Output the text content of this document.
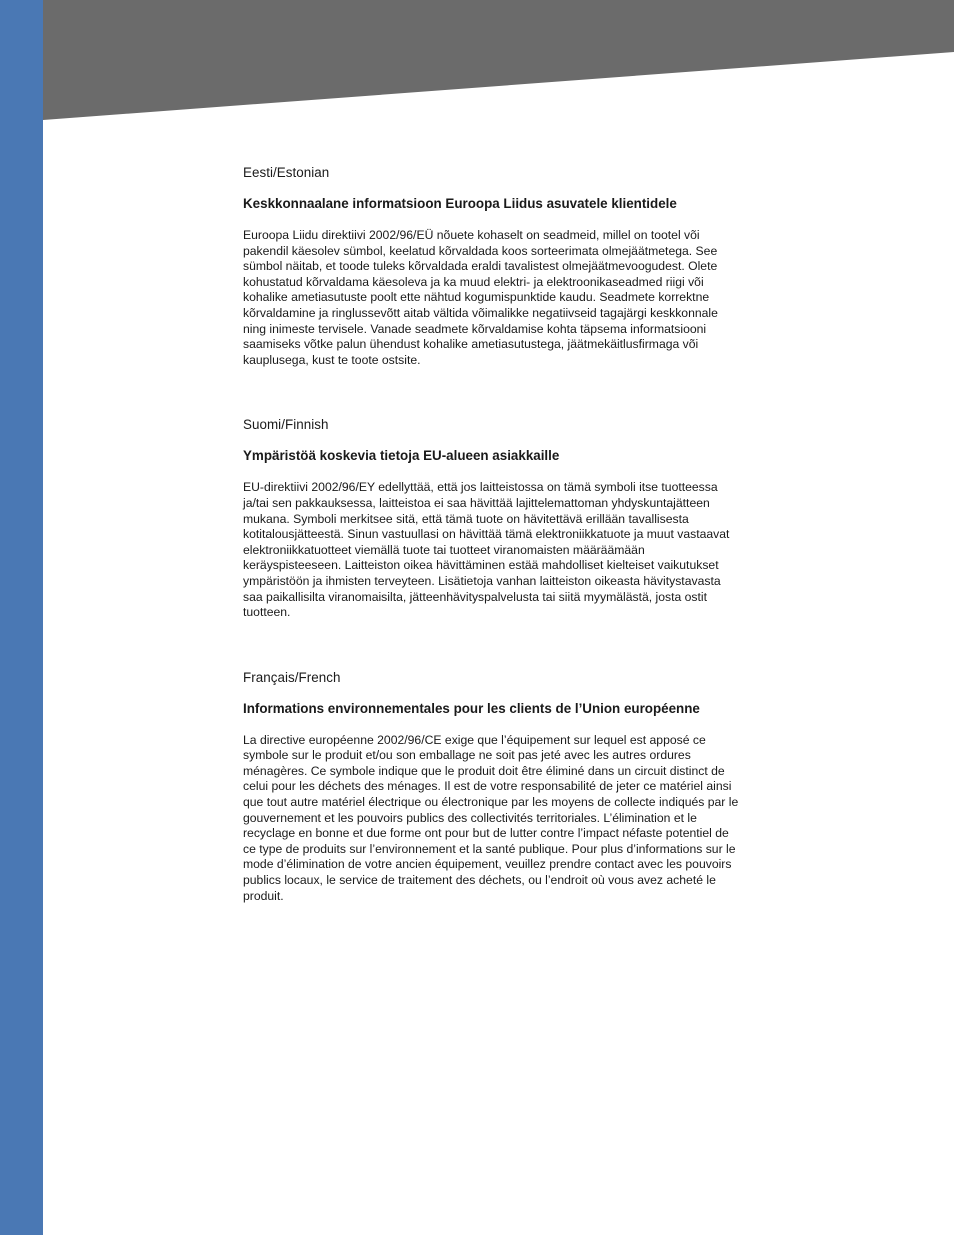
Eesti/Estonian
Keskkonnaalane informatsioon Euroopa Liidus asuvatele klientidele

Euroopa Liidu direktiivi 2002/96/EÜ nõuete kohaselt on seadmeid, millel on tootel või pakendil käesolev sümbol, keelatud kõrvaldada koos sorteerimata olmejäätmetega. See sümbol näitab, et toode tuleks kõrvaldada eraldi tavalistest olmejäätmevoogudest. Olete kohustatud kõrvaldama käesoleva ja ka muud elektri- ja elektroonikaseadmed riigi või kohalike ametiasutuste poolt ette nähtud kogumispunktide kaudu. Seadmete korrektne kõrvaldamine ja ringlussevõtt aitab vältida võimalikke negatiivseid tagajärgi keskkonnale ning inimeste tervisele. Vanade seadmete kõrvaldamise kohta täpsema informatsiooni saamiseks võtke palun ühendust kohalike ametiasutustega, jäätmekäitlusfirmaga või kauplusega, kust te toote ostsite.

Suomi/Finnish
Ympäristöä koskevia tietoja EU-alueen asiakkaille

EU-direktiivi 2002/96/EY edellyttää, että jos laitteistossa on tämä symboli itse tuotteessa ja/tai sen pakkauksessa, laitteistoa ei saa hävittää lajittelemattoman yhdyskuntajätteen mukana. Symboli merkitsee sitä, että tämä tuote on hävitettävä erillään tavallisesta kotitalousjätteestä. Sinun vastuullasi on hävittää tämä elektroniikkatuote ja muut vastaavat elektroniikkatuotteet viemällä tuote tai tuotteet viranomaisten määräämään keräyspisteeseen. Laitteiston oikea hävittäminen estää mahdolliset kielteiset vaikutukset ympäristöön ja ihmisten terveyteen. Lisätietoja vanhan laitteiston oikeasta hävitystavasta saa paikallisilta viranomaisilta, jätteenhävityspalvelusta tai siitä myymälästä, josta ostit tuotteen.

Français/French
Informations environnementales pour les clients de l’Union européenne

La directive européenne 2002/96/CE exige que l’équipement sur lequel est apposé ce symbole sur le produit et/ou son emballage ne soit pas jeté avec les autres ordures ménagères. Ce symbole indique que le produit doit être éliminé dans un circuit distinct de celui pour les déchets des ménages. Il est de votre responsabilité de jeter ce matériel ainsi que tout autre matériel électrique ou électronique par les moyens de collecte indiqués par le gouvernement et les pouvoirs publics des collectivités territoriales. L’élimination et le recyclage en bonne et due forme ont pour but de lutter contre l’impact néfaste potentiel de ce type de produits sur l’environnement et la santé publique. Pour plus d’informations sur le mode d’élimination de votre ancien équipement, veuillez prendre contact avec les pouvoirs publics locaux, le service de traitement des déchets, ou l’endroit où vous avez acheté le produit.
